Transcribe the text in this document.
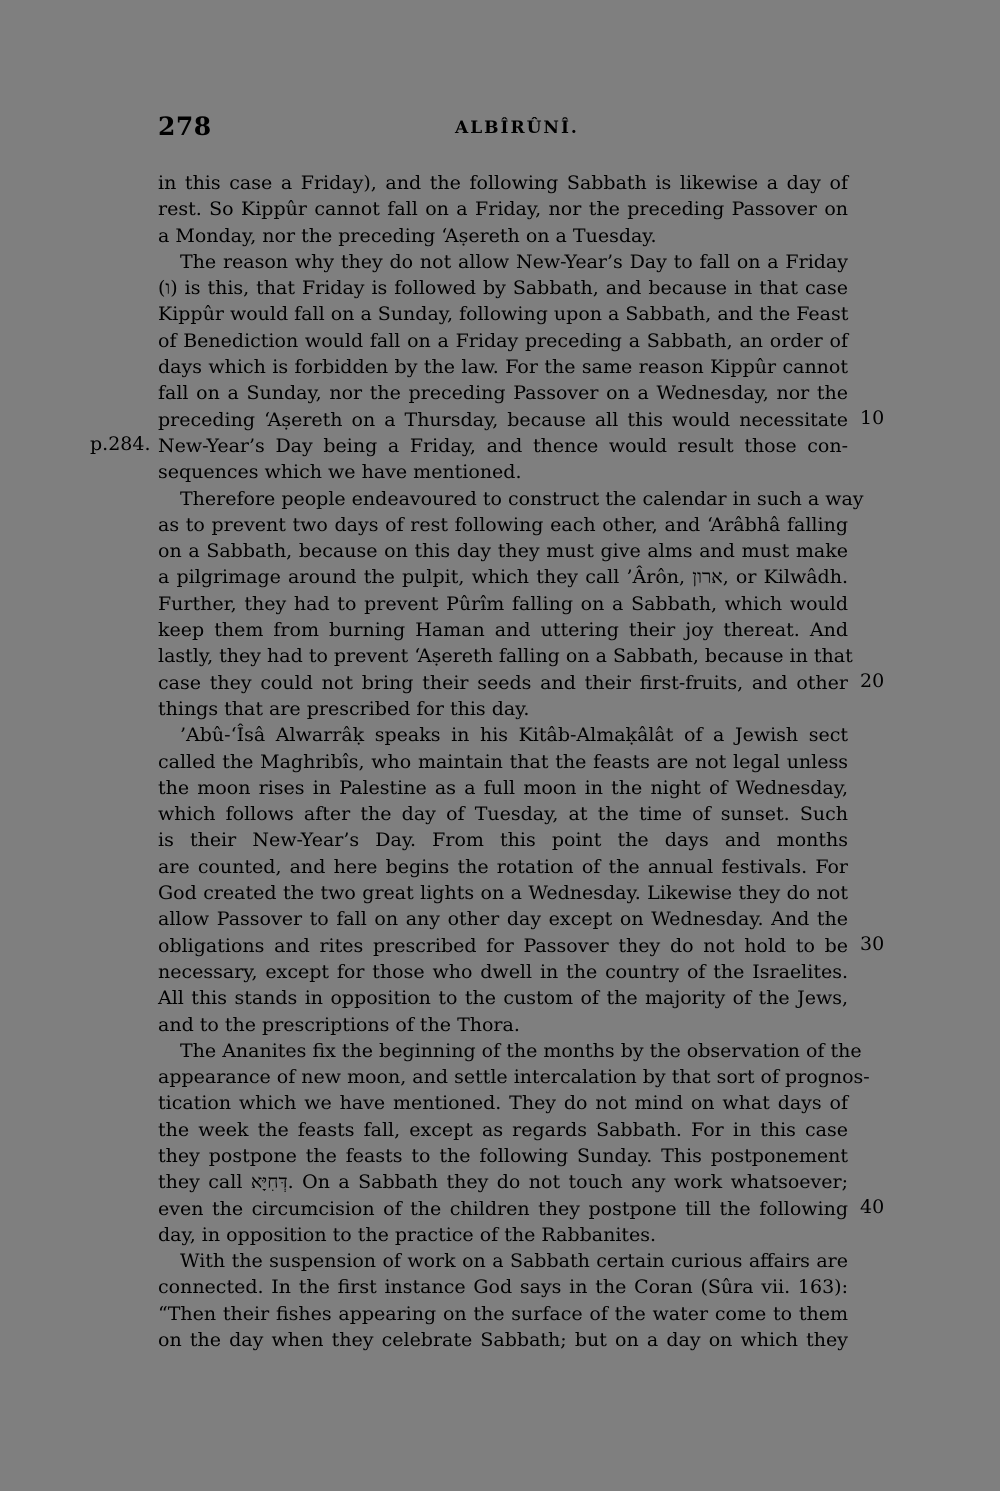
278	ALBÎRÛNÎ.
p.284.
10
20
30
40
in this case a Friday), and the following Sabbath is likewise a day of
rest. So Kippûr cannot fall on a Friday, nor the preceding Passover on
a Monday, nor the preceding ‘Aṣereth on a Tuesday.
The reason why they do not allow New-Year’s Day to fall on a Friday
(ו) is this, that Friday is followed by Sabbath, and because in that case
Kippûr would fall on a Sunday, following upon a Sabbath, and the Feast
of Benediction would fall on a Friday preceding a Sabbath, an order of
days which is forbidden by the law. For the same reason Kippûr cannot
fall on a Sunday, nor the preceding Passover on a Wednesday, nor the
preceding ‘Aṣereth on a Thursday, because all this would necessitate
New-Year’s Day being a Friday, and thence would result those con-
sequences which we have mentioned.
Therefore people endeavoured to construct the calendar in such a way
as to prevent two days of rest following each other, and ‘Arâbhâ falling
on a Sabbath, because on this day they must give alms and must make
a pilgrimage around the pulpit, which they call ’Ârôn, ארון, or Kilwâdh.
Further, they had to prevent Pûrîm falling on a Sabbath, which would
keep them from burning Haman and uttering their joy thereat. And
lastly, they had to prevent ‘Aṣereth falling on a Sabbath, because in that
case they could not bring their seeds and their first-fruits, and other
things that are prescribed for this day.
’Abû-‘Îsâ Alwarrâḳ speaks in his Kitâb-Almaḳâlât of a Jewish sect
called the Maghribîs, who maintain that the feasts are not legal unless
the moon rises in Palestine as a full moon in the night of Wednesday,
which follows after the day of Tuesday, at the time of sunset. Such
is their New-Year’s Day. From this point the days and months
are counted, and here begins the rotation of the annual festivals. For
God created the two great lights on a Wednesday. Likewise they do not
allow Passover to fall on any other day except on Wednesday. And the
obligations and rites prescribed for Passover they do not hold to be
necessary, except for those who dwell in the country of the Israelites.
All this stands in opposition to the custom of the majority of the Jews,
and to the prescriptions of the Thora.
The Ananites fix the beginning of the months by the observation of the
appearance of new moon, and settle intercalation by that sort of prognos-
tication which we have mentioned. They do not mind on what days of
the week the feasts fall, except as regards Sabbath. For in this case
they postpone the feasts to the following Sunday. This postponement
they call דְּחִיָּא. On a Sabbath they do not touch any work whatsoever;
even the circumcision of the children they postpone till the following
day, in opposition to the practice of the Rabbanites.
With the suspension of work on a Sabbath certain curious affairs are
connected. In the first instance God says in the Coran (Sûra vii. 163):
“Then their fishes appearing on the surface of the water come to them
on the day when they celebrate Sabbath; but on a day on which they
